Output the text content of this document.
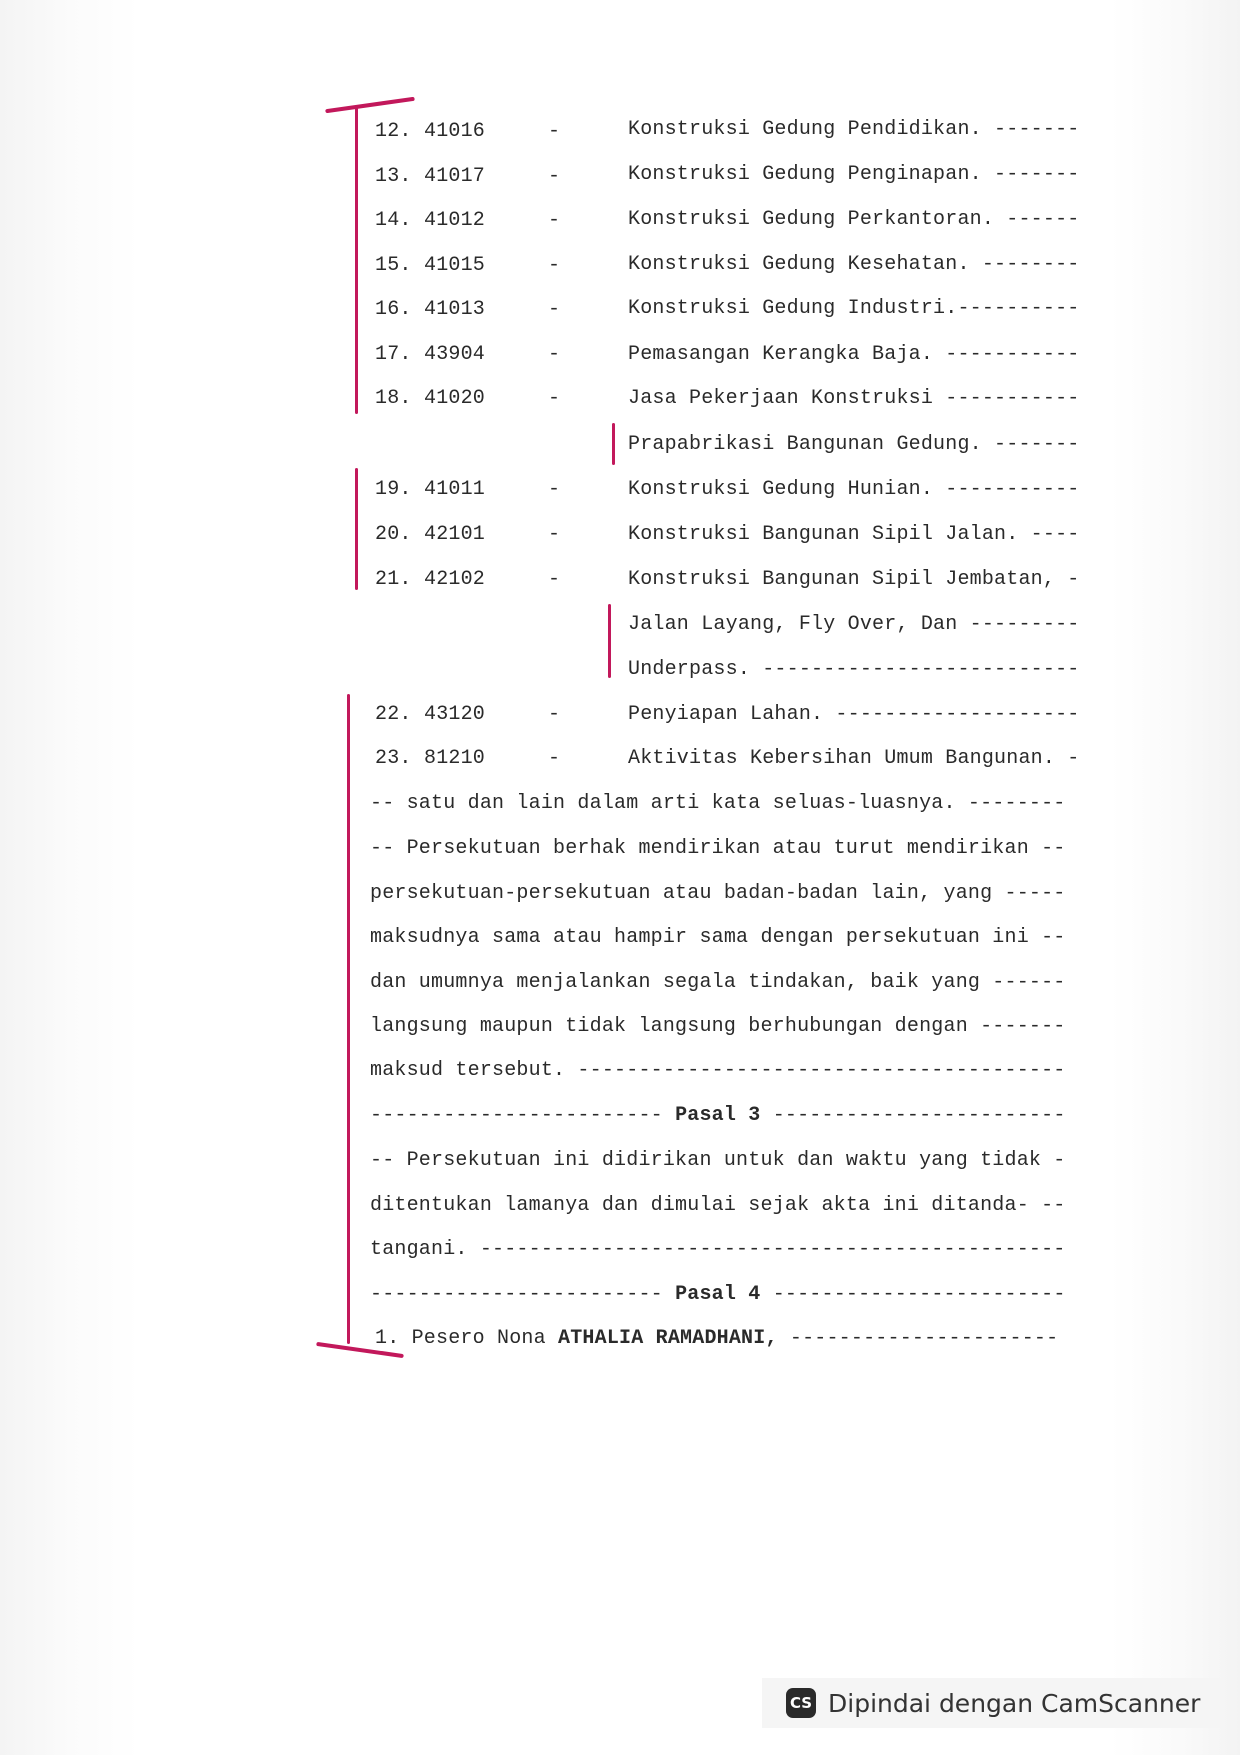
12. 41016	-	Konstruksi Gedung Pendidikan. -------
13. 41017	-	Konstruksi Gedung Penginapan. -------
14. 41012	-	Konstruksi Gedung Perkantoran. ------
15. 41015	-	Konstruksi Gedung Kesehatan. --------
16. 41013	-	Konstruksi Gedung Industri.----------
17. 43904	-	Pemasangan Kerangka Baja. -----------
18. 41020	-	Jasa Pekerjaan Konstruksi -----------
Prapabrikasi Bangunan Gedung. -------
19. 41011	-	Konstruksi Gedung Hunian. -----------
20. 42101	-	Konstruksi Bangunan Sipil Jalan. ----
21. 42102	-	Konstruksi Bangunan Sipil Jembatan, -
Jalan Layang, Fly Over, Dan ---------
Underpass. --------------------------
22. 43120	-	Penyiapan Lahan. --------------------
23. 81210	-	Aktivitas Kebersihan Umum Bangunan. -
-- satu dan lain dalam arti kata seluas-luasnya. --------
-- Persekutuan berhak mendirikan atau turut mendirikan --
persekutuan-persekutuan atau badan-badan lain, yang -----
maksudnya sama atau hampir sama dengan persekutuan ini --
dan umumnya menjalankan segala tindakan, baik yang ------
langsung maupun tidak langsung berhubungan dengan -------
maksud tersebut. ----------------------------------------
------------------------ Pasal 3 ------------------------
-- Persekutuan ini didirikan untuk dan waktu yang tidak -
ditentukan lamanya dan dimulai sejak akta ini ditanda- --
tangani. ------------------------------------------------
------------------------ Pasal 4 ------------------------
1. Pesero Nona ATHALIA RAMADHANI, ----------------------
CS Dipindai dengan CamScanner
